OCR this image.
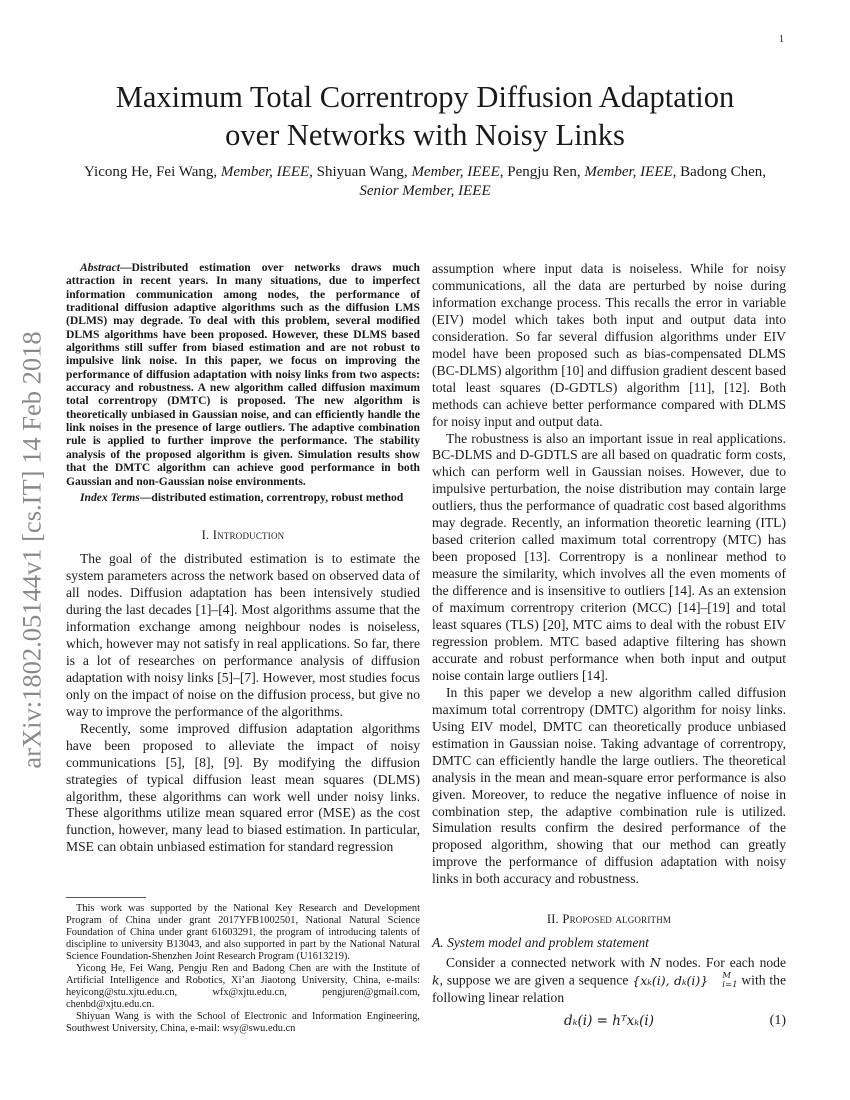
1
arXiv:1802.05144v1 [cs.IT] 14 Feb 2018
Maximum Total Correntropy Diffusion Adaptation
over Networks with Noisy Links
Yicong He, Fei Wang, Member, IEEE, Shiyuan Wang, Member, IEEE, Pengju Ren, Member, IEEE, Badong Chen,
Senior Member, IEEE

Abstract—Distributed estimation over networks draws much attraction in recent years. In many situations, due to imperfect information communication among nodes, the performance of traditional diffusion adaptive algorithms such as the diffusion LMS (DLMS) may degrade. To deal with this problem, several modified DLMS algorithms have been proposed. However, these DLMS based algorithms still suffer from biased estimation and are not robust to impulsive link noise. In this paper, we focus on improving the performance of diffusion adaptation with noisy links from two aspects: accuracy and robustness. A new algorithm called diffusion maximum total correntropy (DMTC) is proposed. The new algorithm is theoretically unbiased in Gaussian noise, and can efficiently handle the link noises in the presence of large outliers. The adaptive combination rule is applied to further improve the performance. The stability analysis of the proposed algorithm is given. Simulation results show that the DMTC algorithm can achieve good performance in both Gaussian and non-Gaussian noise environments.

Index Terms—distributed estimation, correntropy, robust method

I. Introduction

The goal of the distributed estimation is to estimate the system parameters across the network based on observed data of all nodes. Diffusion adaptation has been intensively studied during the last decades [1]–[4]. Most algorithms assume that the information exchange among neighbour nodes is noiseless, which, however may not satisfy in real applications. So far, there is a lot of researches on performance analysis of diffusion adaptation with noisy links [5]–[7]. However, most studies focus only on the impact of noise on the diffusion process, but give no way to improve the performance of the algorithms.

Recently, some improved diffusion adaptation algorithms have been proposed to alleviate the impact of noisy communications [5], [8], [9]. By modifying the diffusion strategies of typical diffusion least mean squares (DLMS) algorithm, these algorithms can work well under noisy links. These algorithms utilize mean squared error (MSE) as the cost function, however, many lead to biased estimation. In particular, MSE can obtain unbiased estimation for standard regression

This work was supported by the National Key Research and Development Program of China under grant 2017YFB1002501, National Natural Science Foundation of China under grant 61603291, the program of introducing talents of discipline to university B13043, and also supported in part by the National Natural Science Foundation-Shenzhen Joint Research Program (U1613219).

Yicong He, Fei Wang, Pengju Ren and Badong Chen are with the Institute of Artificial Intelligence and Robotics, Xi’an Jiaotong University, China, e-mails: heyicong@stu.xjtu.edu.cn, wfx@xjtu.edu.cn, pengjuren@gmail.com, chenbd@xjtu.edu.cn.

Shiyuan Wang is with the School of Electronic and Information Engineering, Southwest University, China, e-mail: wsy@swu.edu.cn

assumption where input data is noiseless. While for noisy communications, all the data are perturbed by noise during information exchange process. This recalls the error in variable (EIV) model which takes both input and output data into consideration. So far several diffusion algorithms under EIV model have been proposed such as bias-compensated DLMS (BC-DLMS) algorithm [10] and diffusion gradient descent based total least squares (D-GDTLS) algorithm [11], [12]. Both methods can achieve better performance compared with DLMS for noisy input and output data.

The robustness is also an important issue in real applications. BC-DLMS and D-GDTLS are all based on quadratic form costs, which can perform well in Gaussian noises. However, due to impulsive perturbation, the noise distribution may contain large outliers, thus the performance of quadratic cost based algorithms may degrade. Recently, an information theoretic learning (ITL) based criterion called maximum total correntropy (MTC) has been proposed [13]. Correntropy is a nonlinear method to measure the similarity, which involves all the even moments of the difference and is insensitive to outliers [14]. As an extension of maximum correntropy criterion (MCC) [14]–[19] and total least squares (TLS) [20], MTC aims to deal with the robust EIV regression problem. MTC based adaptive filtering has shown accurate and robust performance when both input and output noise contain large outliers [14].

In this paper we develop a new algorithm called diffusion maximum total correntropy (DMTC) algorithm for noisy links. Using EIV model, DMTC can theoretically produce unbiased estimation in Gaussian noise. Taking advantage of correntropy, DMTC can efficiently handle the large outliers. The theoretical analysis in the mean and mean-square error performance is also given. Moreover, to reduce the negative influence of noise in combination step, the adaptive combination rule is utilized. Simulation results confirm the desired performance of the proposed algorithm, showing that our method can greatly improve the performance of diffusion adaptation with noisy links in both accuracy and robustness.

II. Proposed algorithm
A. System model and problem statement

Consider a connected network with N nodes. For each node k, suppose we are given a sequence {xₖ(i), dₖ(i)}	M
i=1 with the following linear relation

dₖ(i) = hᵀxₖ(i)	(1)
